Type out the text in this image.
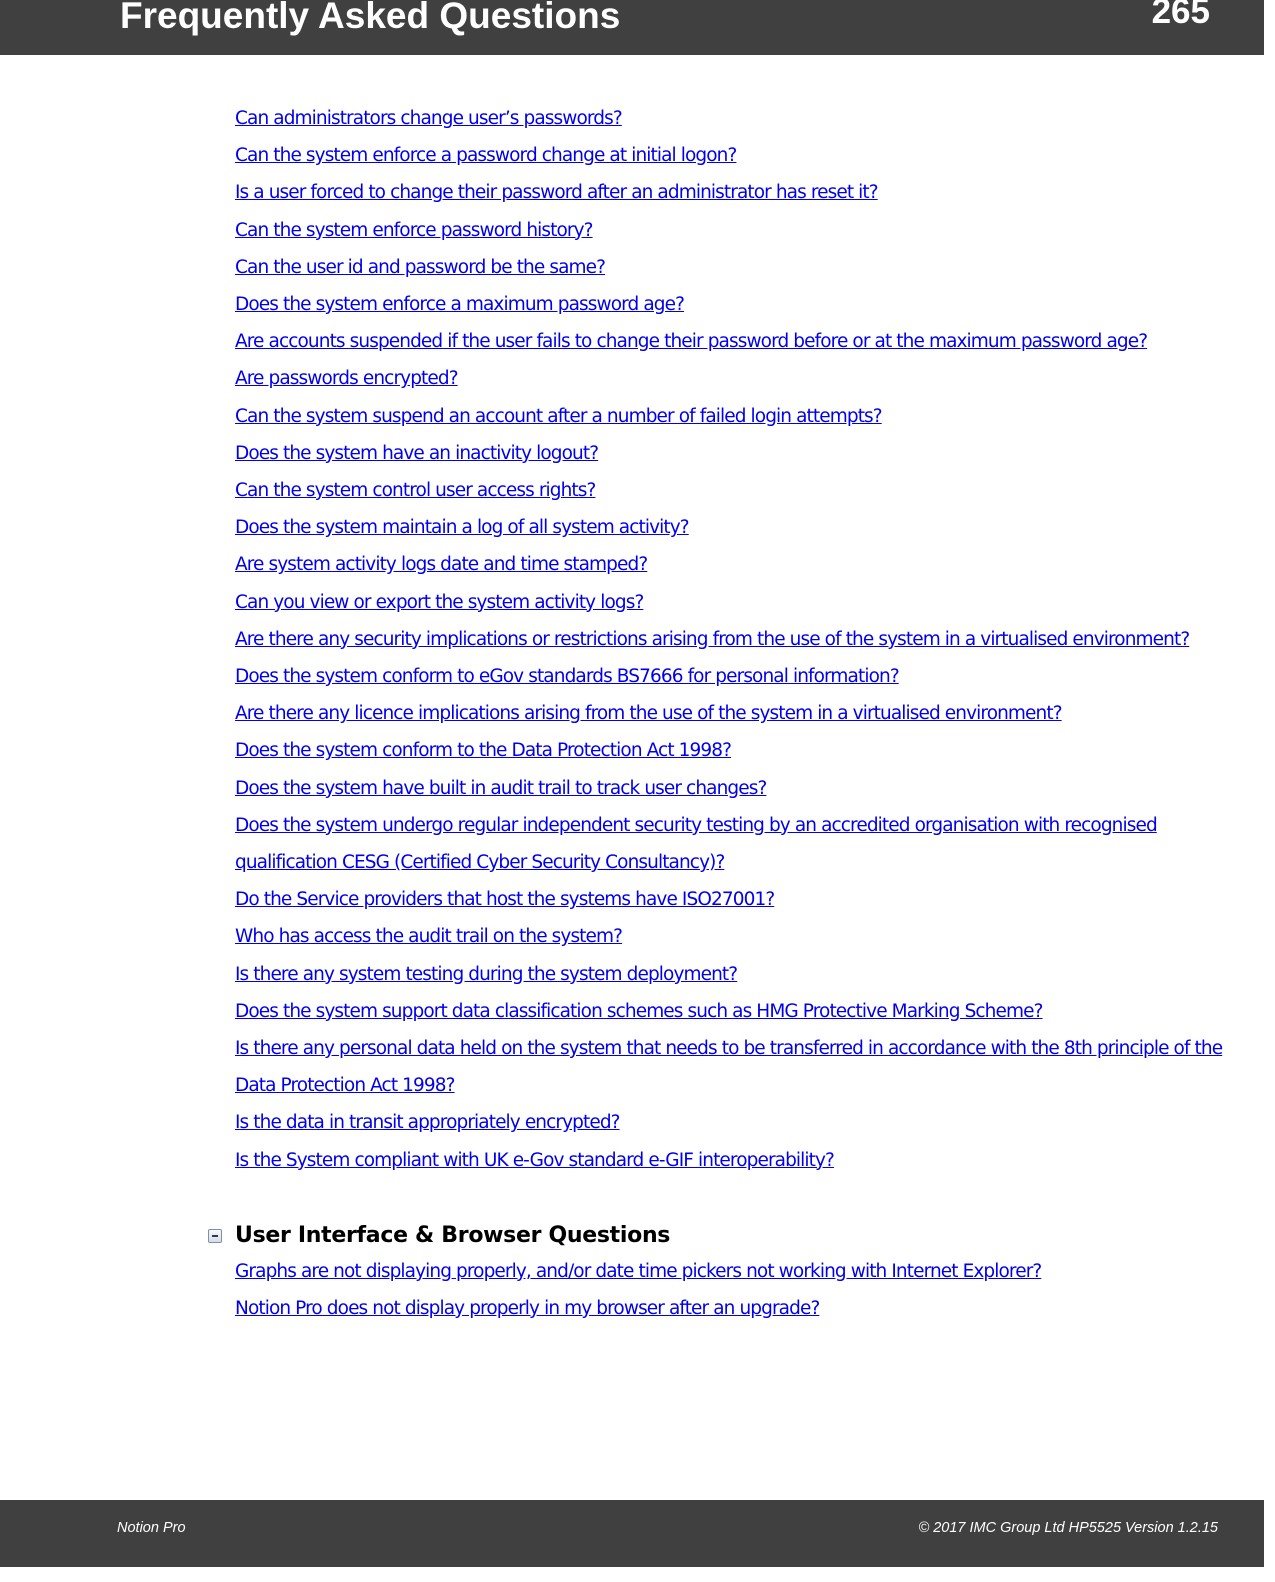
Frequently Asked Questions	265
Can administrators change user’s passwords?
Can the system enforce a password change at initial logon?
Is a user forced to change their password after an administrator has reset it?
Can the system enforce password history?
Can the user id and password be the same?
Does the system enforce a maximum password age?
Are accounts suspended if the user fails to change their password before or at the maximum password age?
Are passwords encrypted?
Can the system suspend an account after a number of failed login attempts?
Does the system have an inactivity logout?
Can the system control user access rights?
Does the system maintain a log of all system activity?
Are system activity logs date and time stamped?
Can you view or export the system activity logs?
Are there any security implications or restrictions arising from the use of the system in a virtualised environment?
Does the system conform to eGov standards BS7666 for personal information?
Are there any licence implications arising from the use of the system in a virtualised environment?
Does the system conform to the Data Protection Act 1998?
Does the system have built in audit trail to track user changes?
Does the system undergo regular independent security testing by an accredited organisation with recognised qualification CESG (Certified Cyber Security Consultancy)?
Do the Service providers that host the systems have ISO27001?
Who has access the audit trail on the system?
Is there any system testing during the system deployment?
Does the system support data classification schemes such as HMG Protective Marking Scheme?
Is there any personal data held on the system that needs to be transferred in accordance with the 8th principle of the Data Protection Act 1998?
Is the data in transit appropriately encrypted?
Is the System compliant with UK e-Gov standard e-GIF interoperability?
User Interface & Browser Questions
Graphs are not displaying properly, and/or date time pickers not working with Internet Explorer?
Notion Pro does not display properly in my browser after an upgrade?
Notion Pro	© 2017 IMC Group Ltd HP5525 Version 1.2.15
